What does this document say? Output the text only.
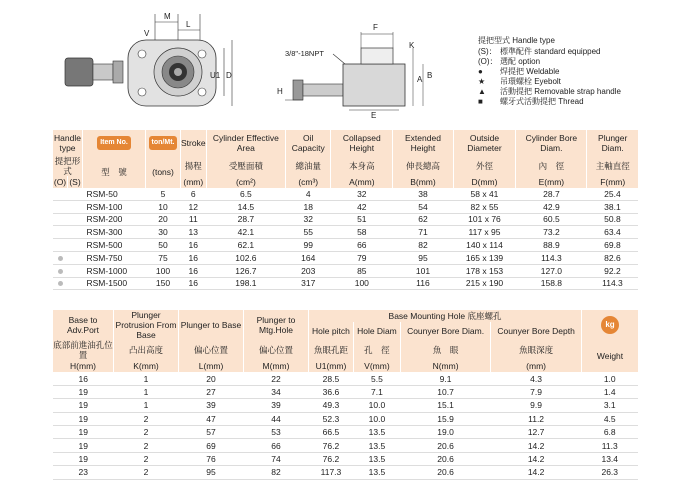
M
L
V
U1 D
3/8"-18NPT
H
F
K
A B
E
提把型式 Handle type
(S)： 標準配件 standard equipped
(O)： 選配 option
● 焊提把 Weldable
★ 吊環螺栓 Eyebolt
▲ 活動提把 Removable strap handle
■ 螺牙式活動提把 Thread
Handle type		Item No.	ton/Mt.	Stroke	Cylinder Effective Area	Oil Capacity	Collapsed Height	Extended Height	Outside Diameter	Cylinder Bore Diam.	Plunger Diam.
提把形式		型　號	(tons)	揚程	受壓面積	總油量	本身高	伸長總高	外徑	內　徑	主軸直徑
(O)	(S)			(mm)	(cm²)	(cm³)	A(mm)	B(mm)	D(mm)	E(mm)	F(mm)
		RSM-50	5	6	6.5	4	32	38	58 x 41	28.7	25.4
		RSM-100	10	12	14.5	18	42	54	82 x 55	42.9	38.1
		RSM-200	20	11	28.7	32	51	62	101 x 76	60.5	50.8
		RSM-300	30	13	42.1	55	58	71	117 x 95	73.2	63.4
		RSM-500	50	16	62.1	99	66	82	140 x 114	88.9	69.8
		RSM-750	75	16	102.6	164	79	95	165 x 139	114.3	82.6
		RSM-1000	100	16	126.7	203	85	101	178 x 153	127.0	92.2
		RSM-1500	150	16	198.1	317	100	116	215 x 190	158.8	114.3
Base to Adv.Port	Plunger Protrusion From Base	Plunger to Base	Plunger to Mtg.Hole	Base Mounting Hole 底座螺孔				kg
				Hole pitch	Hole Diam	Counyer Bore Diam.	Counyer Bore Depth	
底部前進油孔位置	凸出高度	偏心位置	偏心位置	魚眼孔距	孔　徑	魚　眼	魚眼深度	Weight
H(mm)	K(mm)	L(mm)	M(mm)	U1(mm)	V(mm)	N(mm)	(mm)	
16	1	20	22	28.5	5.5	9.1	4.3	1.0
19	1	27	34	36.6	7.1	10.7	7.9	1.4
19	1	39	39	49.3	10.0	15.1	9.9	3.1
19	2	47	44	52.3	10.0	15.9	11.2	4.5
19	2	57	53	66.5	13.5	19.0	12.7	6.8
19	2	69	66	76.2	13.5	20.6	14.2	11.3
19	2	76	74	76.2	13.5	20.6	14.2	13.4
23	2	95	82	117.3	13.5	20.6	14.2	26.3
